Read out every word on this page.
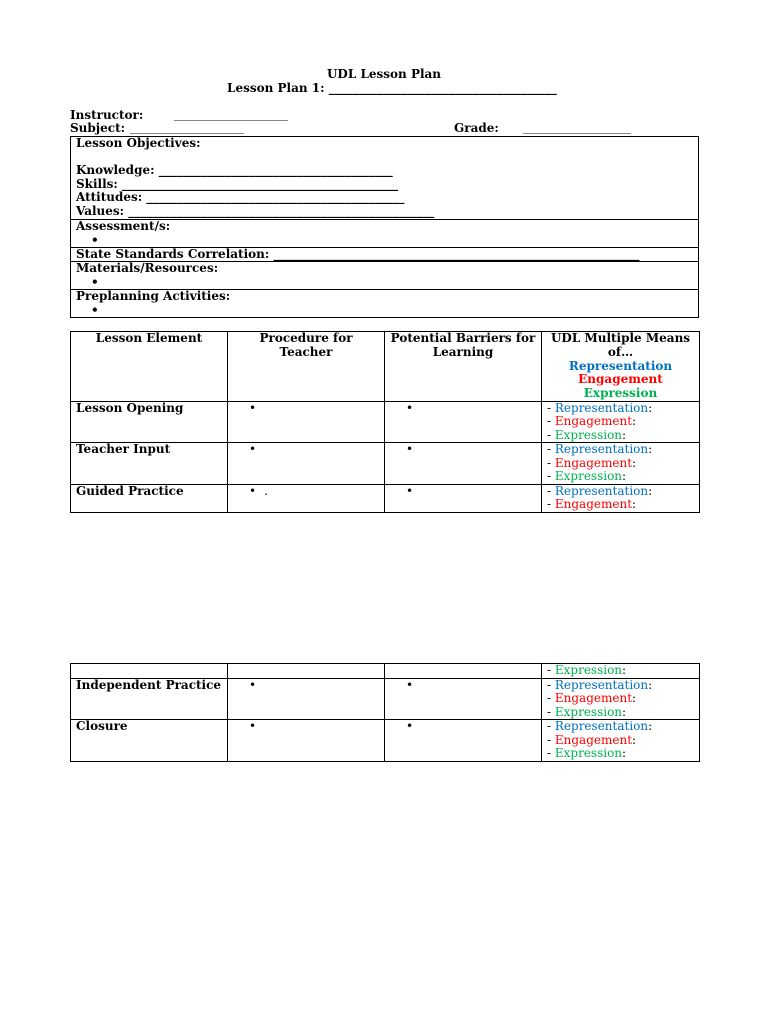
UDL Lesson Plan
Lesson Plan 1: ______________________________________
Instructor:	___________________
Subject: ___________________	Grade: __________________
Lesson Objectives:
Knowledge: _______________________________________
Skills: ______________________________________________
Attitudes: ___________________________________________
Values: ___________________________________________________

Assessment/s:
•

State Standards Correlation: _____________________________________________________________

Materials/Resources:
•

Preplanning Activities:
•
Lesson Element	Procedure for Teacher	Potential Barriers for Learning	UDL Multiple Means of…
Representation
Engagement
Expression

Lesson Opening	•	•	- Representation:
- Engagement:
- Expression:

Teacher Input	•	•	- Representation:
- Engagement:
- Expression:

Guided Practice	• .	•	- Representation:
- Engagement:

			- Expression:

Independent Practice	•	•	- Representation:
- Engagement:
- Expression:

Closure	•	•	- Representation:
- Engagement:
- Expression:
